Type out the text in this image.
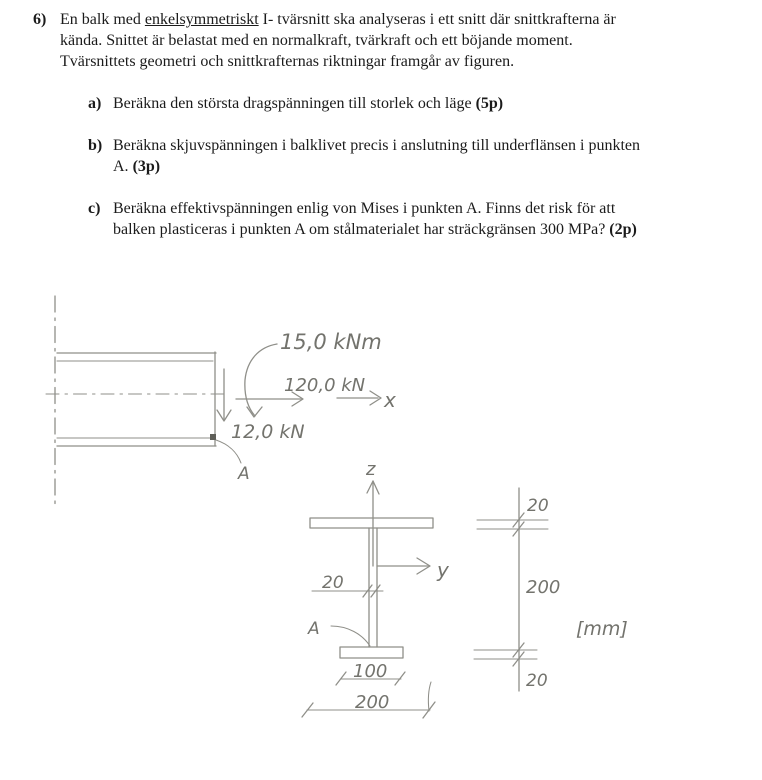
6) En balk med enkelsymmetriskt I- tvärsnitt ska analyseras i ett snitt där snittkrafterna är
kända. Snittet är belastat med en normalkraft, tvärkraft och ett böjande moment.
Tvärsnittets geometri och snittkrafternas riktningar framgår av figuren.
a) Beräkna den största dragspänningen till storlek och läge (5p)
b) Beräkna skjuvspänningen i balklivet precis i anslutning till underflänsen i punkten
A. (3p)
c) Beräkna effektivspänningen enlig von Mises i punkten A. Finns det risk för att
balken plasticeras i punkten A om stålmaterialet har sträckgränsen 300 MPa? (2p)
15,0 kNm
120,0 kN
12,0 kN
x
A	z
y
20
A
100
200
[mm]
20
200
20
